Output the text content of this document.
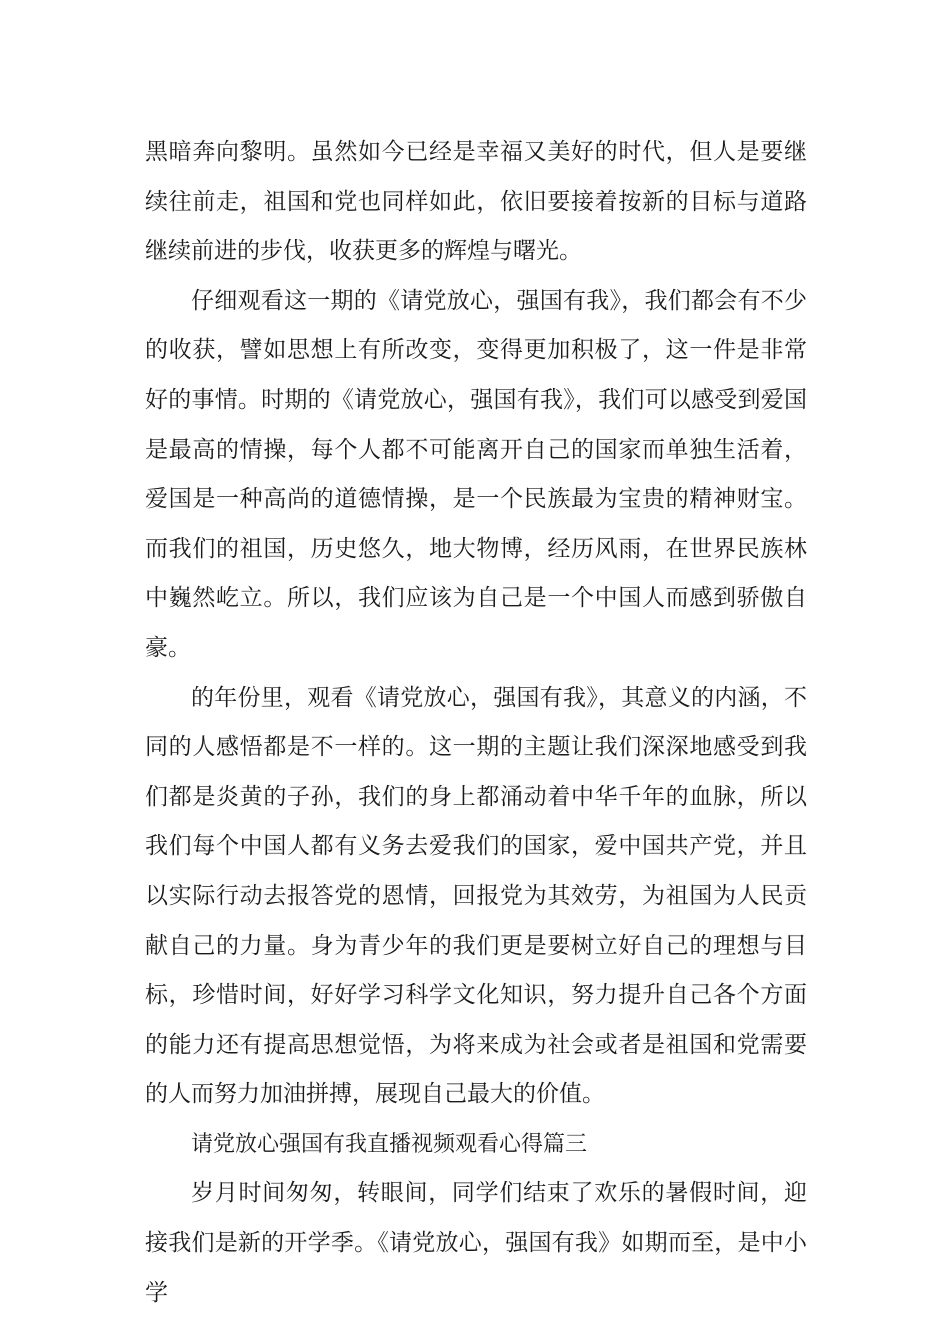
黑暗奔向黎明。虽然如今已经是幸福又美好的时代，但人是要继续往前走，祖国和党也同样如此，依旧要接着按新的目标与道路继续前进的步伐，收获更多的辉煌与曙光。

仔细观看这一期的《请党放心，强国有我》，我们都会有不少的收获，譬如思想上有所改变，变得更加积极了，这一件是非常好的事情。时期的《请党放心，强国有我》，我们可以感受到爱国是最高的情操，每个人都不可能离开自己的国家而单独生活着，爱国是一种高尚的道德情操，是一个民族最为宝贵的精神财宝。而我们的祖国，历史悠久，地大物博，经历风雨，在世界民族林中巍然屹立。所以，我们应该为自己是一个中国人而感到骄傲自豪。

的年份里，观看《请党放心，强国有我》，其意义的内涵，不同的人感悟都是不一样的。这一期的主题让我们深深地感受到我们都是炎黄的子孙，我们的身上都涌动着中华千年的血脉，所以我们每个中国人都有义务去爱我们的国家，爱中国共产党，并且以实际行动去报答党的恩情，回报党为其效劳，为祖国为人民贡献自己的力量。身为青少年的我们更是要树立好自己的理想与目标，珍惜时间，好好学习科学文化知识，努力提升自己各个方面的能力还有提高思想觉悟，为将来成为社会或者是祖国和党需要的人而努力加油拼搏，展现自己最大的价值。

请党放心强国有我直播视频观看心得篇三

岁月时间匆匆，转眼间，同学们结束了欢乐的暑假时间，迎接我们是新的开学季。《请党放心，强国有我》如期而至，是中小学
